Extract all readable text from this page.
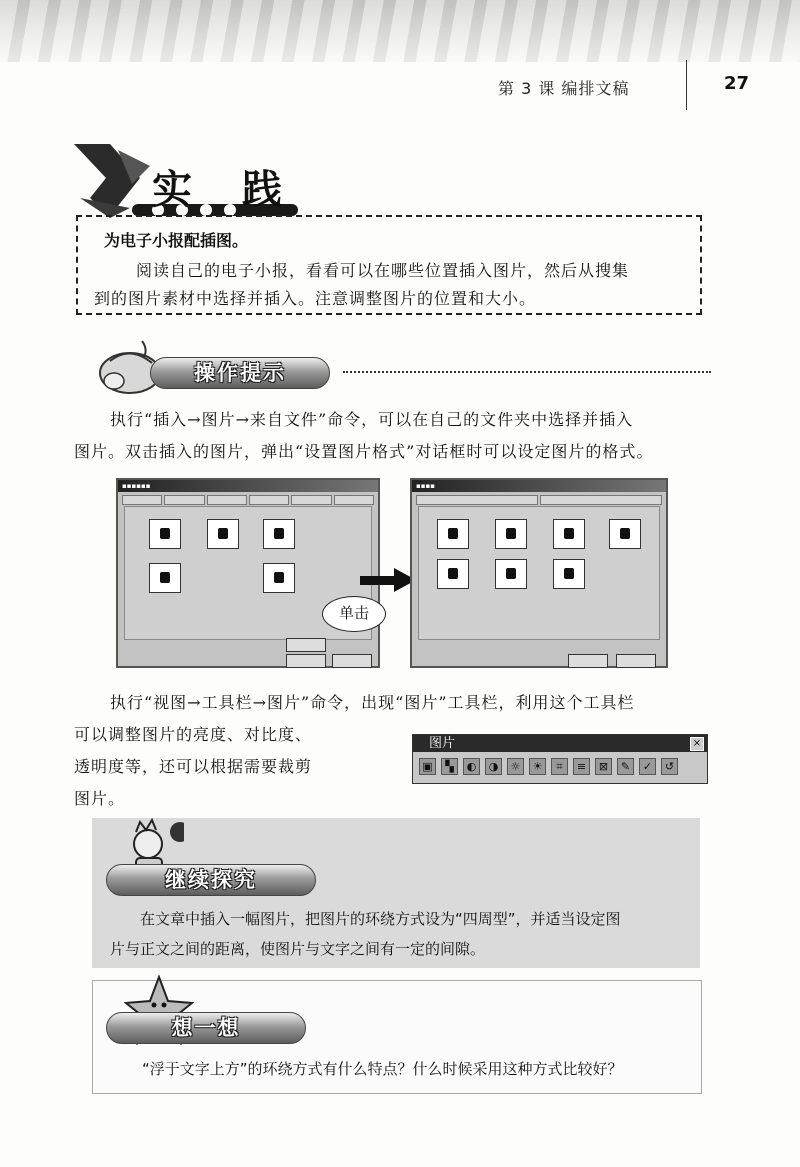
第 3 课 编排文稿	27
实 践
为电子小报配插图。
阅读自己的电子小报，看看可以在哪些位置插入图片，然后从搜集
到的图片素材中选择并插入。注意调整图片的位置和大小。
操作提示
执行“插入→图片→来自文件”命令，可以在自己的文件夹中选择并插入
图片。双击插入的图片，弹出“设置图片格式”对话框时可以设定图片的格式。
▪▪▪▪▪▪
单击
▪▪▪▪
执行“视图→工具栏→图片”命令，出现“图片”工具栏，利用这个工具栏
可以调整图片的亮度、对比度、
透明度等，还可以根据需要裁剪
图片。
图片	×
▣	▚	◐	◑	☼	☀	⌗	≡	⊠	✎	✓	↺
继续探究
在文章中插入一幅图片，把图片的环绕方式设为“四周型”，并适当设定图
片与正文之间的距离，使图片与文字之间有一定的间隙。
想一想
“浮于文字上方”的环绕方式有什么特点？什么时候采用这种方式比较好？
